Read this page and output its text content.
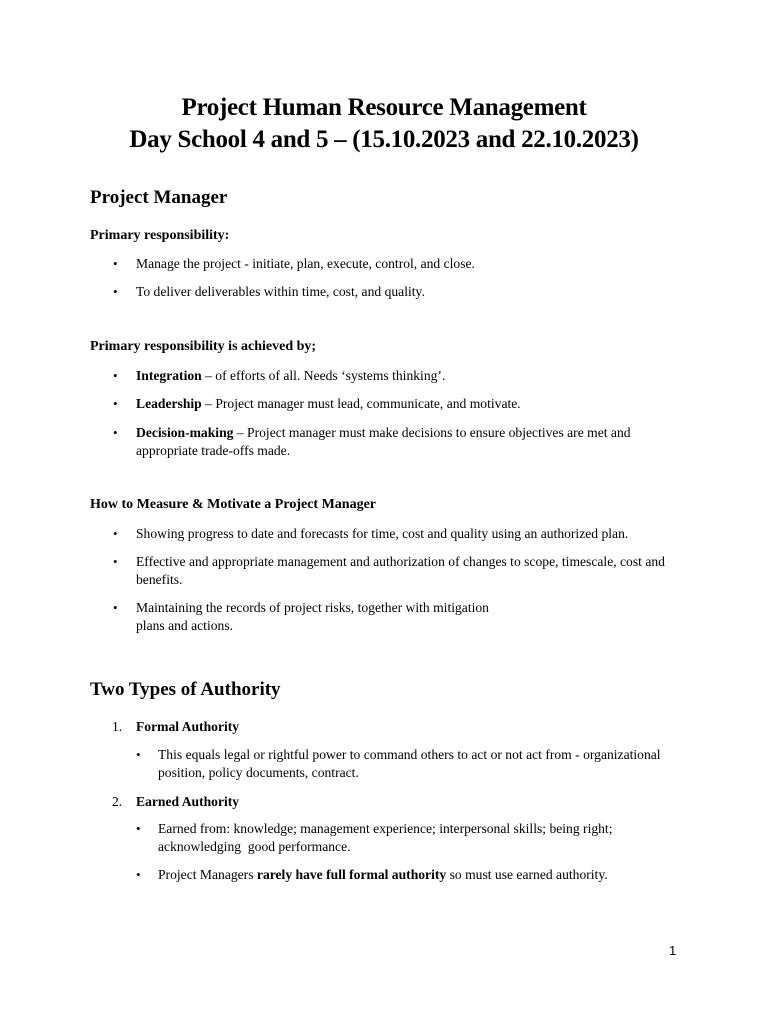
Project Human Resource Management
Day School 4 and 5 – (15.10.2023 and 22.10.2023)
Project Manager
Primary responsibility:
• Manage the project - initiate, plan, execute, control, and close.
• To deliver deliverables within time, cost, and quality.
Primary responsibility is achieved by;
• Integration – of efforts of all. Needs ‘systems thinking’.
• Leadership – Project manager must lead, communicate, and motivate.
• Decision-making – Project manager must make decisions to ensure objectives are met and
appropriate trade-offs made.
How to Measure & Motivate a Project Manager
• Showing progress to date and forecasts for time, cost and quality using an authorized plan.
• Effective and appropriate management and authorization of changes to scope, timescale, cost and
benefits.
• Maintaining the records of project risks, together with mitigation
plans and actions.
Two Types of Authority
1. Formal Authority
• This equals legal or rightful power to command others to act or not act from - organizational
position, policy documents, contract.
2. Earned Authority
• Earned from: knowledge; management experience; interpersonal skills; being right;
acknowledging  good performance.
• Project Managers rarely have full formal authority so must use earned authority.
1
